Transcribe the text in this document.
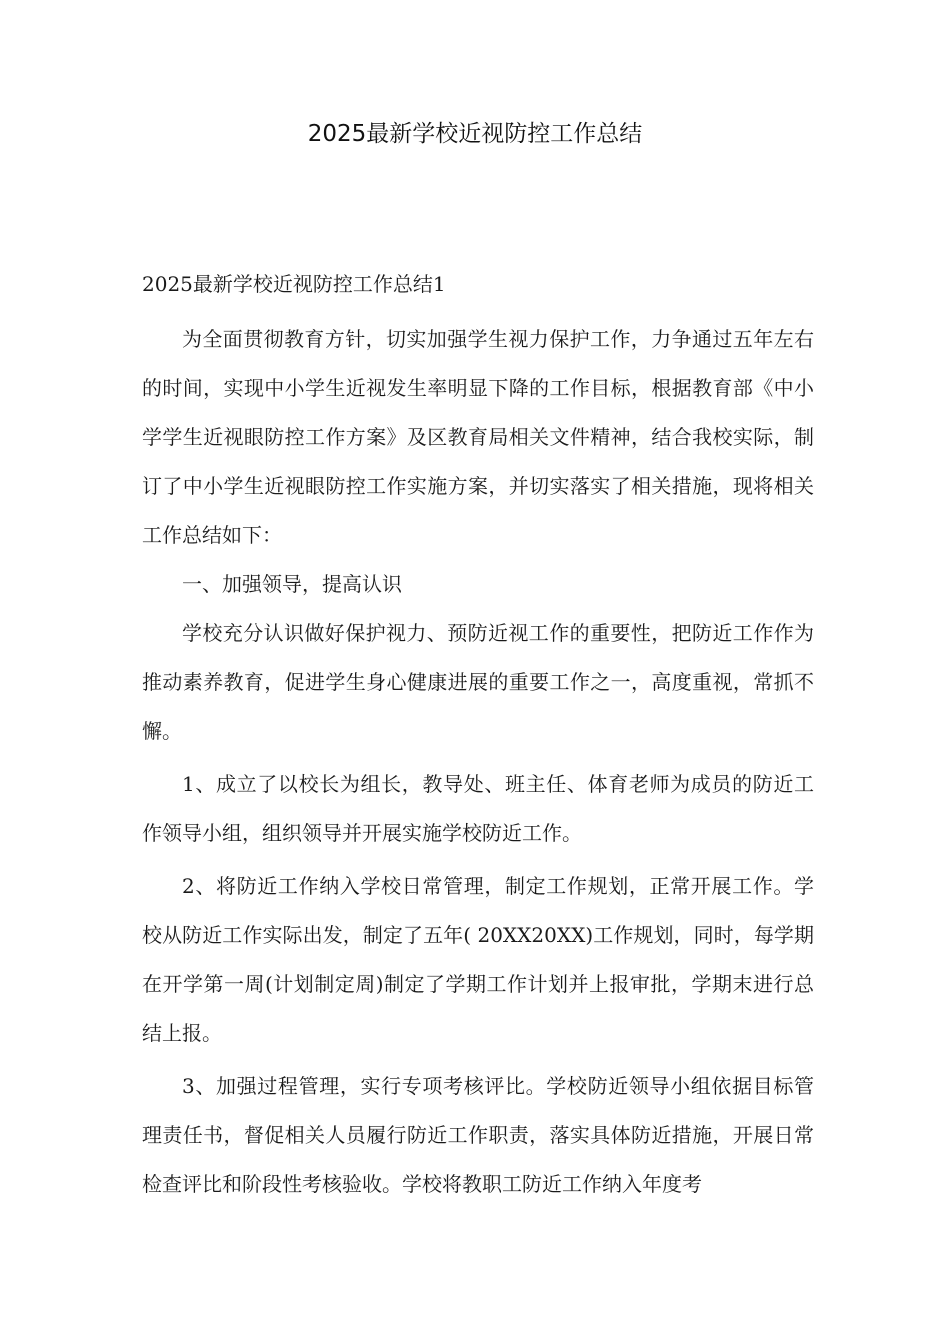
2025最新学校近视防控工作总结

2025最新学校近视防控工作总结1

为全面贯彻教育方针，切实加强学生视力保护工作，力争通过五年左右的时间，实现中小学生近视发生率明显下降的工作目标，根据教育部《中小学学生近视眼防控工作方案》及区教育局相关文件精神，结合我校实际，制订了中小学生近视眼防控工作实施方案，并切实落实了相关措施，现将相关工作总结如下：

一、加强领导，提高认识

学校充分认识做好保护视力、预防近视工作的重要性，把防近工作作为推动素养教育，促进学生身心健康进展的重要工作之一，高度重视，常抓不懈。

1、成立了以校长为组长，教导处、班主任、体育老师为成员的防近工作领导小组，组织领导并开展实施学校防近工作。

2、将防近工作纳入学校日常管理，制定工作规划，正常开展工作。学校从防近工作实际出发，制定了五年( 20XX20XX)工作规划，同时，每学期在开学第一周(计划制定周)制定了学期工作计划并上报审批，学期末进行总结上报。

3、加强过程管理，实行专项考核评比。学校防近领导小组依据目标管理责任书，督促相关人员履行防近工作职责，落实具体防近措施，开展日常检查评比和阶段性考核验收。学校将教职工防近工作纳入年度考
